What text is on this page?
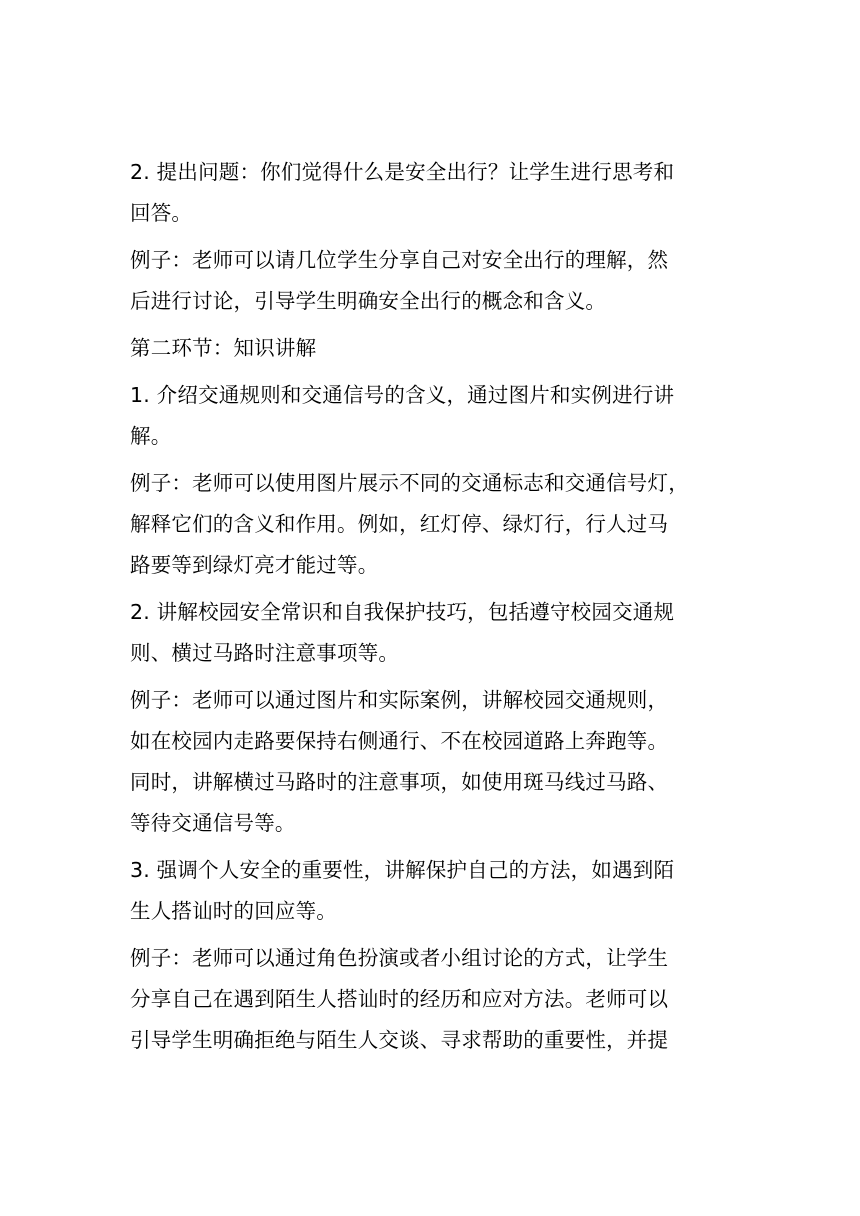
2. 提出问题：你们觉得什么是安全出行？让学生进行思考和
回答。
例子：老师可以请几位学生分享自己对安全出行的理解，然
后进行讨论，引导学生明确安全出行的概念和含义。
第二环节：知识讲解
1. 介绍交通规则和交通信号的含义，通过图片和实例进行讲
解。
例子：老师可以使用图片展示不同的交通标志和交通信号灯，
解释它们的含义和作用。例如，红灯停、绿灯行，行人过马
路要等到绿灯亮才能过等。
2. 讲解校园安全常识和自我保护技巧，包括遵守校园交通规
则、横过马路时注意事项等。
例子：老师可以通过图片和实际案例，讲解校园交通规则，
如在校园内走路要保持右侧通行、不在校园道路上奔跑等。
同时，讲解横过马路时的注意事项，如使用斑马线过马路、
等待交通信号等。
3. 强调个人安全的重要性，讲解保护自己的方法，如遇到陌
生人搭讪时的回应等。
例子：老师可以通过角色扮演或者小组讨论的方式，让学生
分享自己在遇到陌生人搭讪时的经历和应对方法。老师可以
引导学生明确拒绝与陌生人交谈、寻求帮助的重要性，并提
